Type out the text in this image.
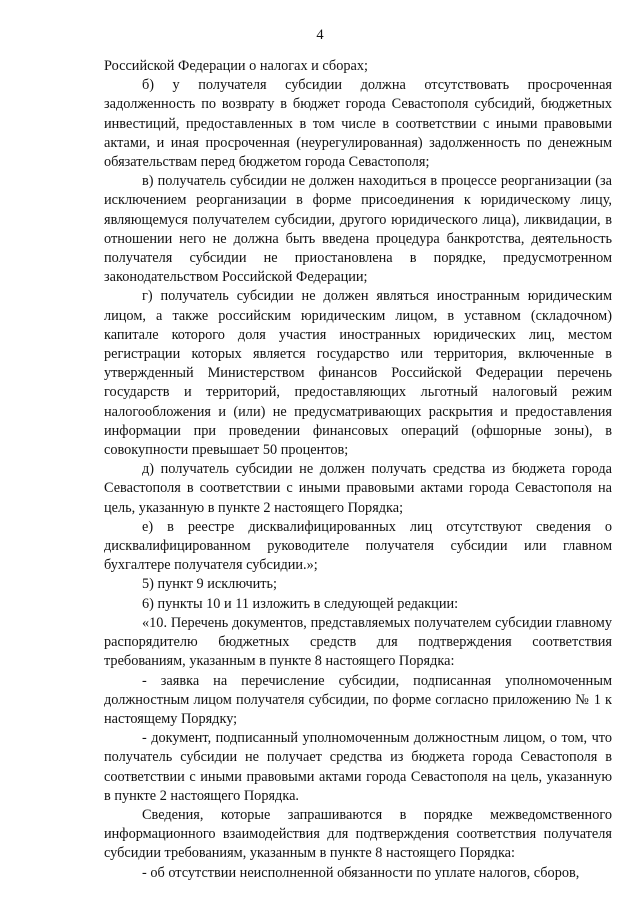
4

Российской Федерации о налогах и сборах;

б) у получателя субсидии должна отсутствовать просроченная задолженность по возврату в бюджет города Севастополя субсидий, бюджетных инвестиций, предоставленных в том числе в соответствии с иными правовыми актами, и иная просроченная (неурегулированная) задолженность по денежным обязательствам перед бюджетом города Севастополя;

в) получатель субсидии не должен находиться в процессе реорганизации (за исключением реорганизации в форме присоединения к юридическому лицу, являющемуся получателем субсидии, другого юридического лица), ликвидации, в отношении него не должна быть введена процедура банкротства, деятельность получателя субсидии не приостановлена в порядке, предусмотренном законодательством Российской Федерации;

г) получатель субсидии не должен являться иностранным юридическим лицом, а также российским юридическим лицом, в уставном (складочном) капитале которого доля участия иностранных юридических лиц, местом регистрации которых является государство или территория, включенные в утвержденный Министерством финансов Российской Федерации перечень государств и территорий, предоставляющих льготный налоговый режим налогообложения и (или) не предусматривающих раскрытия и предоставления информации при проведении финансовых операций (офшорные зоны), в совокупности превышает 50 процентов;

д) получатель субсидии не должен получать средства из бюджета города Севастополя в соответствии с иными правовыми актами города Севастополя на цель, указанную в пункте 2 настоящего Порядка;

е) в реестре дисквалифицированных лиц отсутствуют сведения о дисквалифицированном руководителе получателя субсидии или главном бухгалтере получателя субсидии.»;

5) пункт 9 исключить;

6) пункты 10 и 11 изложить в следующей редакции:

«10. Перечень документов, представляемых получателем субсидии главному распорядителю бюджетных средств для подтверждения соответствия требованиям, указанным в пункте 8 настоящего Порядка:

- заявка на перечисление субсидии, подписанная уполномоченным должностным лицом получателя субсидии, по форме согласно приложению № 1 к настоящему Порядку;

- документ, подписанный уполномоченным должностным лицом, о том, что получатель субсидии не получает средства из бюджета города Севастополя в соответствии с иными правовыми актами города Севастополя на цель, указанную в пункте 2 настоящего Порядка.

Сведения, которые запрашиваются в порядке межведомственного информационного взаимодействия для подтверждения соответствия получателя субсидии требованиям, указанным в пункте 8 настоящего Порядка:

- об отсутствии неисполненной обязанности по уплате налогов, сборов,
